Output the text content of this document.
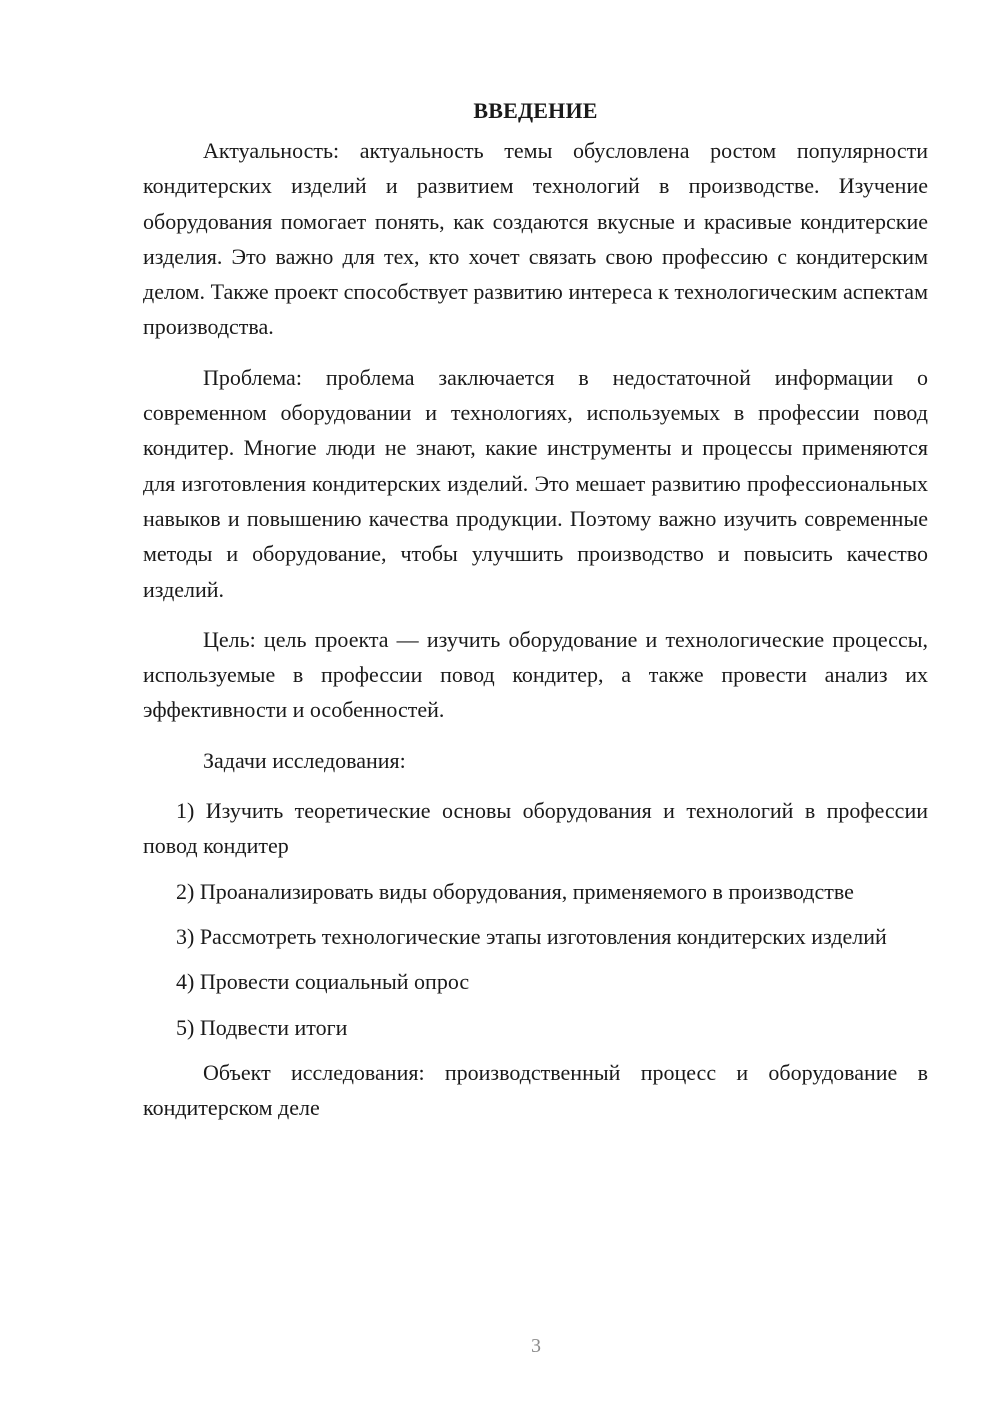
ВВЕДЕНИЕ

Актуальность: актуальность темы обусловлена ростом популярности кондитерских изделий и развитием технологий в производстве. Изучение оборудования помогает понять, как создаются вкусные и красивые кондитерские изделия. Это важно для тех, кто хочет связать свою профессию с кондитерским делом. Также проект способствует развитию интереса к технологическим аспектам производства.

Проблема: проблема заключается в недостаточной информации о современном оборудовании и технологиях, используемых в профессии повод кондитер. Многие люди не знают, какие инструменты и процессы применяются для изготовления кондитерских изделий. Это мешает развитию профессиональных навыков и повышению качества продукции. Поэтому важно изучить современные методы и оборудование, чтобы улучшить производство и повысить качество изделий.

Цель: цель проекта — изучить оборудование и технологические процессы, используемые в профессии повод кондитер, а также провести анализ их эффективности и особенностей.

Задачи исследования:

1) Изучить теоретические основы оборудования и технологий в профессии повод кондитер

2) Проанализировать виды оборудования, применяемого в производстве

3) Рассмотреть технологические этапы изготовления кондитерских изделий

4) Провести социальный опрос

5) Подвести итоги

Объект исследования: производственный процесс и оборудование в кондитерском деле

3
